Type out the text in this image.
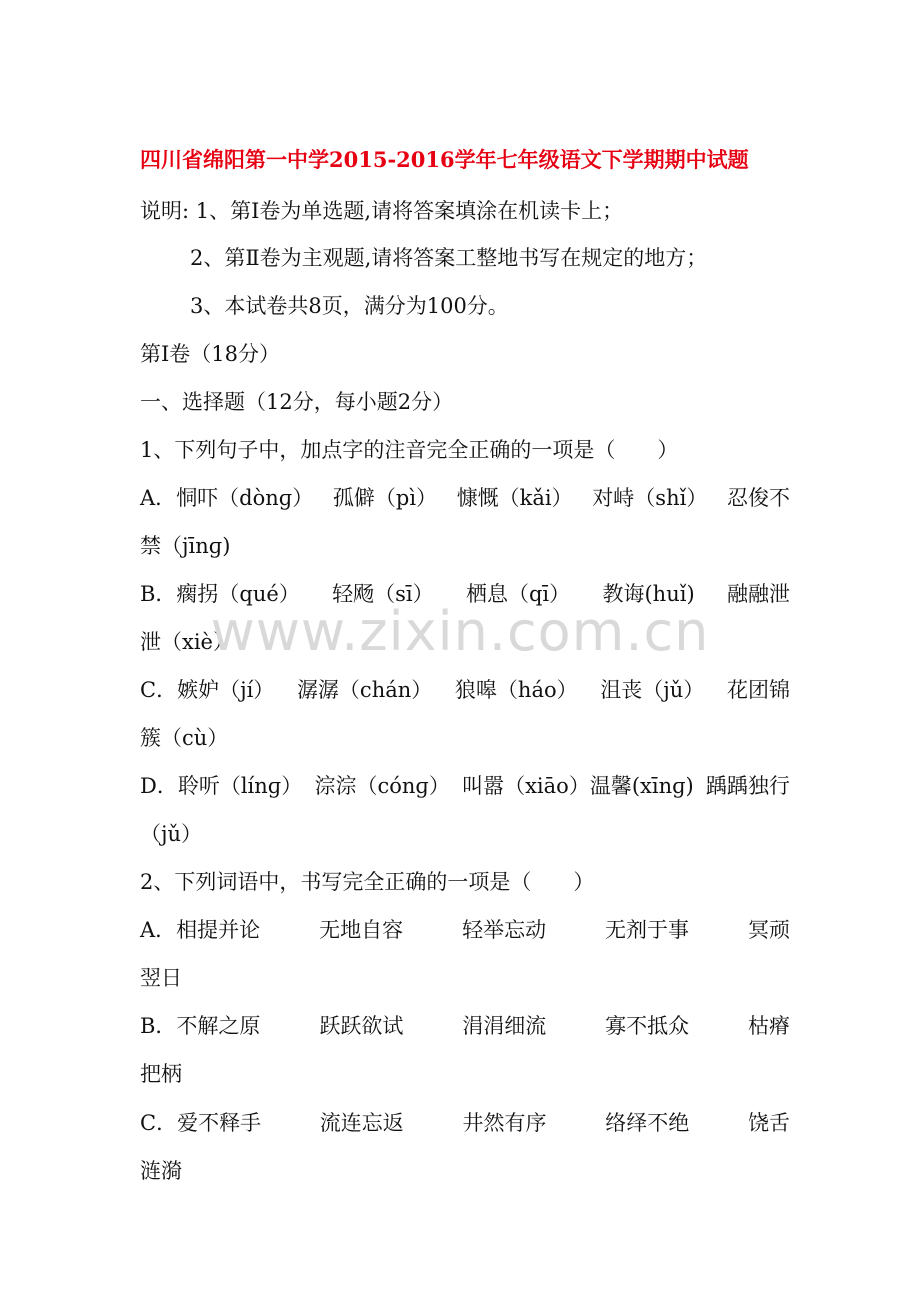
四川省绵阳第一中学2015-2016学年七年级语文下学期期中试题
说明: 1、第Ⅰ卷为单选题,请将答案填涂在机读卡上；
2、第Ⅱ卷为主观题,请将答案工整地书写在规定的地方；
3、本试卷共8页，满分为100分。
第Ⅰ卷（18分）
一、选择题（12分，每小题2分）
1、下列句子中，加点字的注音完全正确的一项是（　　）
A．恫吓（dònɡ） 孤僻（pì） 慷慨（kǎi） 对峙（shǐ） 忍俊不
禁（jīnɡ)
B．瘸拐（qué） 轻飏（sī） 栖息（qī） 教诲(huǐ) 融融泄
泄（xiè）
C．嫉妒（jí） 潺潺（chán） 狼嗥（háo） 沮丧（jǔ） 花团锦
簇（cù）
D．聆听（línɡ） 淙淙（cónɡ） 叫嚣（xiāo）温馨(xīnɡ) 踽踽独行
（jǔ）
2、下列词语中，书写完全正确的一项是（　　）
A．相提并论	无地自容	轻举忘动	无剂于事	冥顽
翌日
B．不解之原	跃跃欲试	涓涓细流	寡不抵众	枯瘠
把柄
C．爱不释手	流连忘返	井然有序	络绎不绝	饶舌
涟漪
www.zixin.com.cn
